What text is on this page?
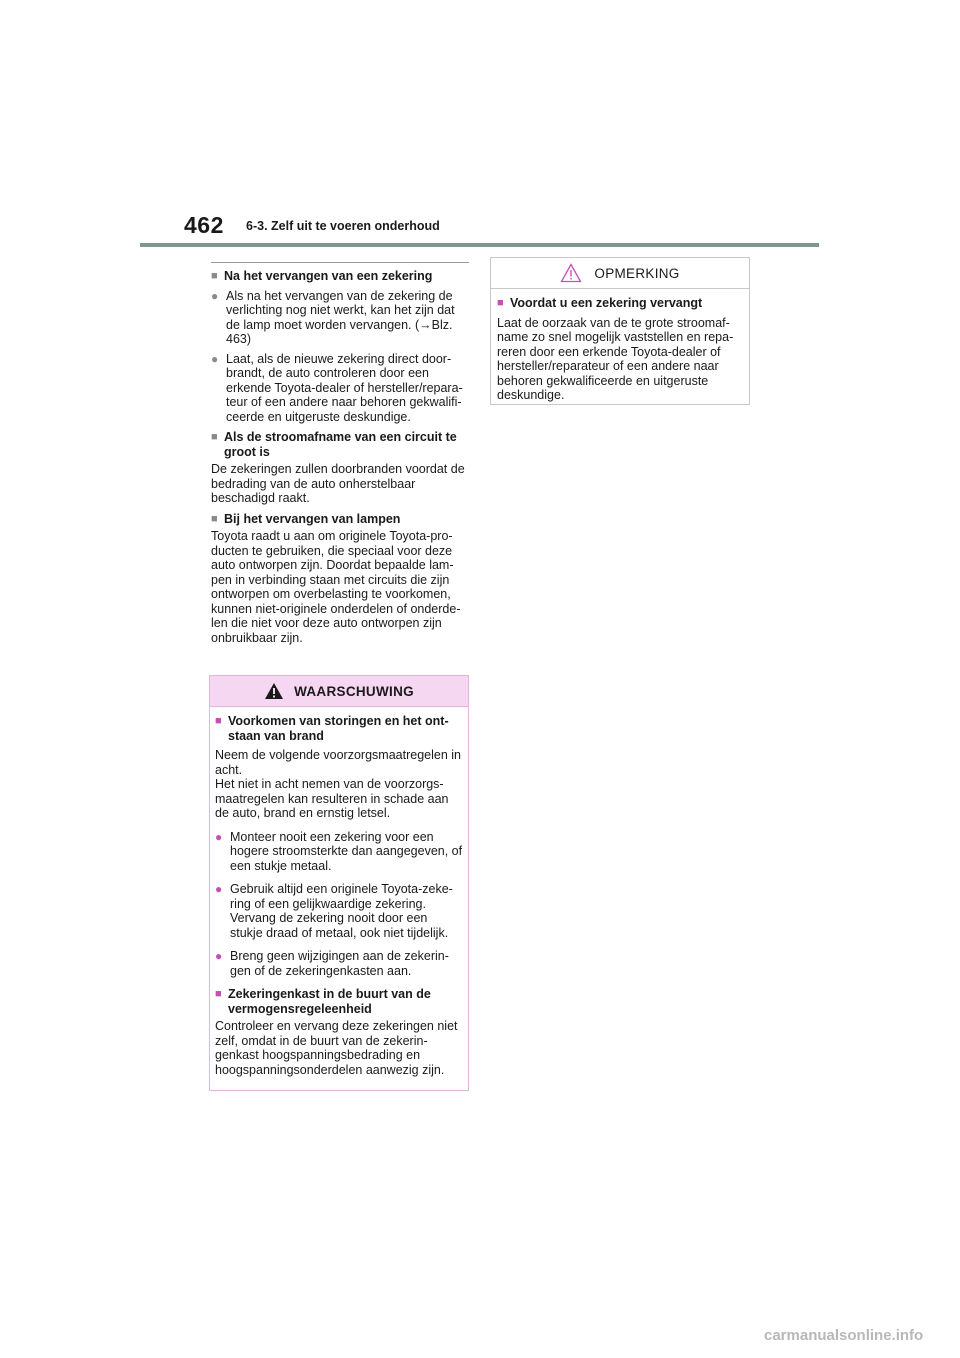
462 6-3. Zelf uit te voeren onderhoud
■ Na het vervangen van een zekering
● Als na het vervangen van de zekering de verlichting nog niet werkt, kan het zijn dat de lamp moet worden vervangen. (→Blz. 463)
● Laat, als de nieuwe zekering direct door-brandt, de auto controleren door een erkende Toyota-dealer of hersteller/repara-teur of een andere naar behoren gekwalifi-ceerde en uitgeruste deskundige.
■ Als de stroomafname van een circuit te groot is
De zekeringen zullen doorbranden voordat de bedrading van de auto onherstelbaar beschadigd raakt.
■ Bij het vervangen van lampen
Toyota raadt u aan om originele Toyota-pro-ducten te gebruiken, die speciaal voor deze auto ontworpen zijn. Doordat bepaalde lam-pen in verbinding staan met circuits die zijn ontworpen om overbelasting te voorkomen, kunnen niet-originele onderdelen of onderde-len die niet voor deze auto ontworpen zijn onbruikbaar zijn.
WAARSCHUWING
■ Voorkomen van storingen en het ont-staan van brand
Neem de volgende voorzorgsmaatregelen in acht.
Het niet in acht nemen van de voorzorgs-maatregelen kan resulteren in schade aan de auto, brand en ernstig letsel.
● Monteer nooit een zekering voor een hogere stroomsterkte dan aangegeven, of een stukje metaal.
● Gebruik altijd een originele Toyota-zeke-ring of een gelijkwaardige zekering. Vervang de zekering nooit door een stukje draad of metaal, ook niet tijdelijk.
● Breng geen wijzigingen aan de zekerin-gen of de zekeringenkasten aan.
■ Zekeringenkast in de buurt van de vermogensregeleenheid
Controleer en vervang deze zekeringen niet zelf, omdat in de buurt van de zekerin-genkast hoogspanningsbedrading en hoogspanningsonderdelen aanwezig zijn.
OPMERKING
■ Voordat u een zekering vervangt
Laat de oorzaak van de te grote stroomaf-name zo snel mogelijk vaststellen en repa-reren door een erkende Toyota-dealer of hersteller/reparateur of een andere naar behoren gekwalificeerde en uitgeruste deskundige.
carmanualsonline.info
